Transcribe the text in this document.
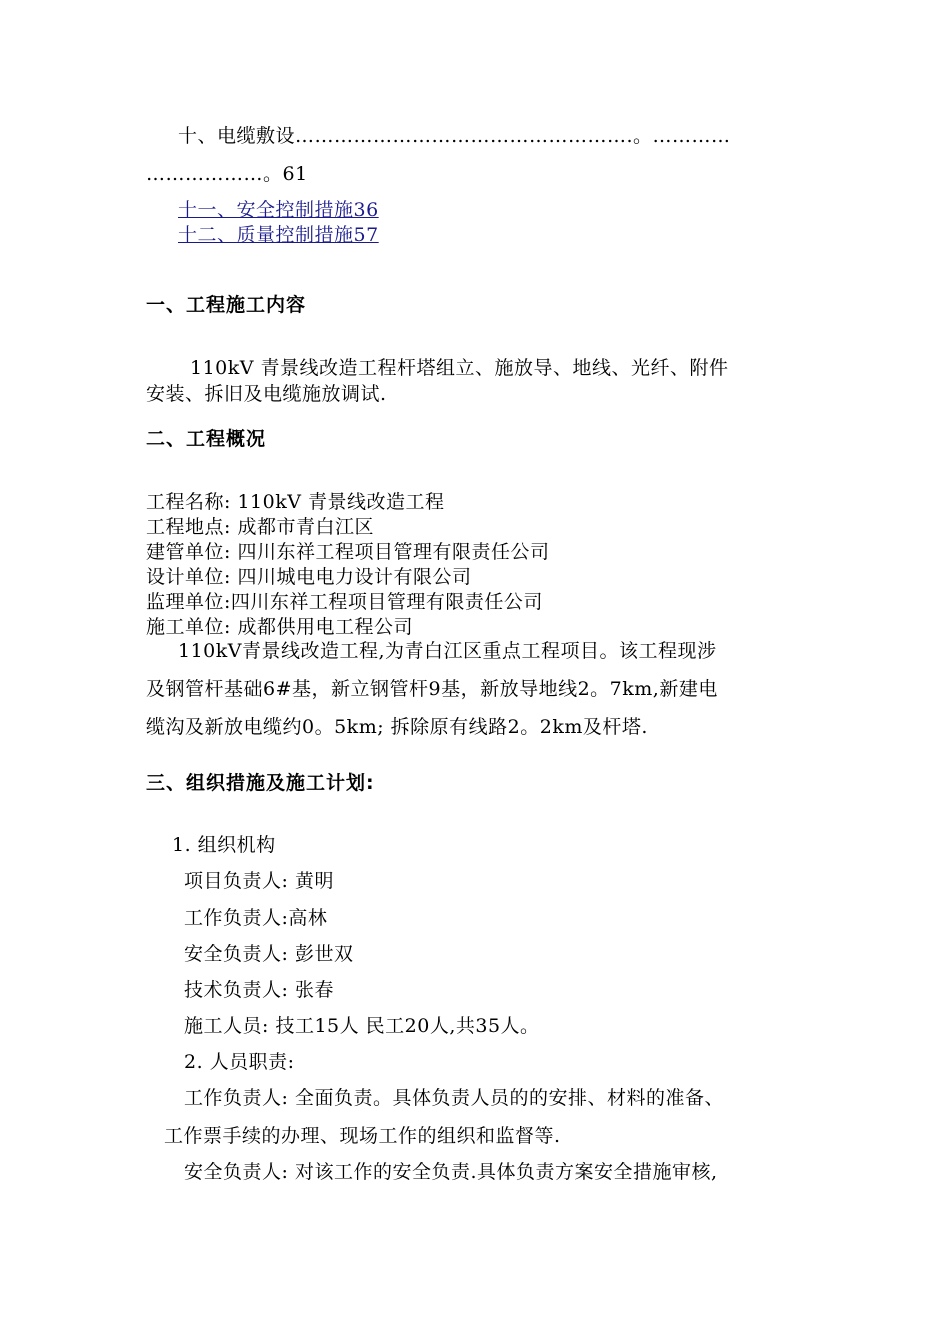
十、电缆敷设…………………………………………….。…………
………………。61
十一、安全控制措施36
十二、质量控制措施57
一、工程施工内容
110kV 青景线改造工程杆塔组立、施放导、地线、光纤、附件
安装、拆旧及电缆施放调试.
二、工程概况
工程名称: 110kV 青景线改造工程
工程地点: 成都市青白江区
建管单位: 四川东祥工程项目管理有限责任公司
设计单位: 四川城电电力设计有限公司
监理单位:四川东祥工程项目管理有限责任公司
施工单位: 成都供用电工程公司
110kV青景线改造工程,为青白江区重点工程项目。该工程现涉
及钢管杆基础6#基，新立钢管杆9基，新放导地线2。7km,新建电
缆沟及新放电缆约0。5km; 拆除原有线路2。2km及杆塔.
三、组织措施及施工计划:
1. 组织机构
项目负责人: 黄明
工作负责人:高林
安全负责人: 彭世双
技术负责人: 张春
施工人员: 技工15人 民工20人,共35人。
2. 人员职责:
工作负责人: 全面负责。具体负责人员的的安排、材料的准备、
工作票手续的办理、现场工作的组织和监督等.
安全负责人: 对该工作的安全负责.具体负责方案安全措施审核,
